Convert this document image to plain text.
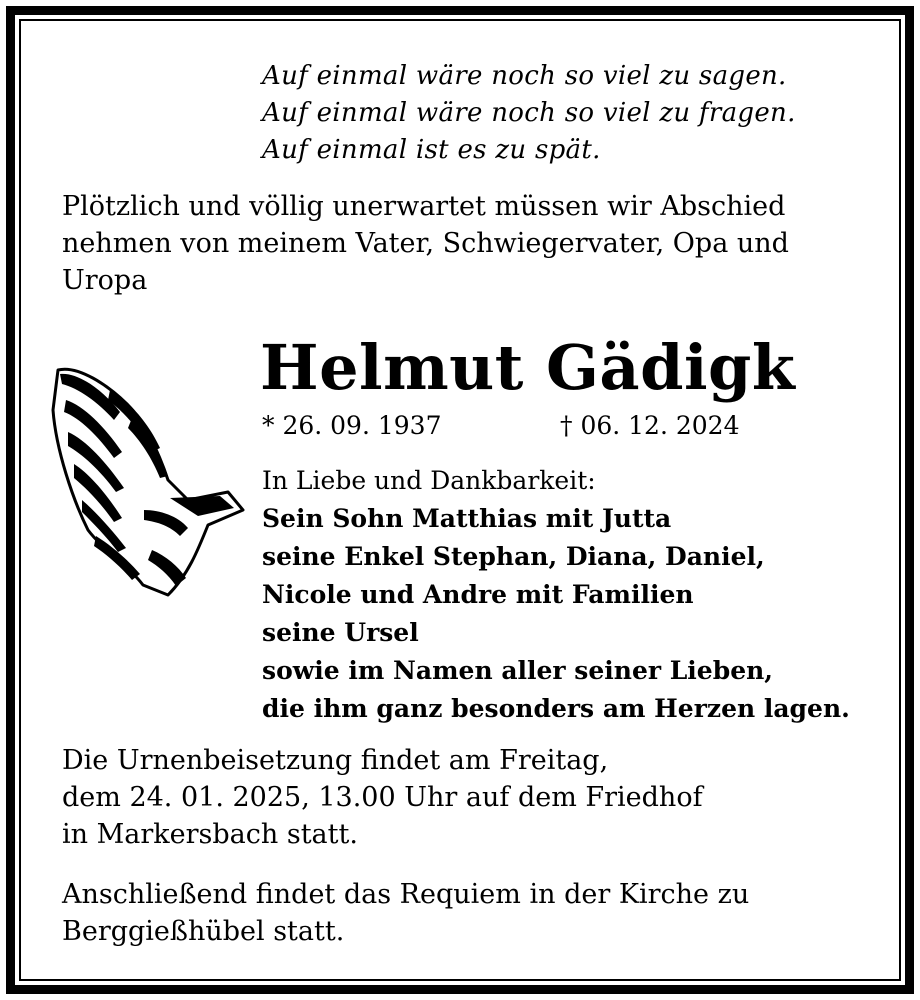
Auf einmal wäre noch so viel zu sagen.
Auf einmal wäre noch so viel zu fragen.
Auf einmal ist es zu spät.
Plötzlich und völlig unerwartet müssen wir Abschied
nehmen von meinem Vater, Schwiegervater, Opa und
Uropa
Helmut Gädigk
* 26. 09. 1937	† 06. 12. 2024
In Liebe und Dankbarkeit:
Sein Sohn Matthias mit Jutta
seine Enkel Stephan, Diana, Daniel,
Nicole und Andre mit Familien
seine Ursel
sowie im Namen aller seiner Lieben,
die ihm ganz besonders am Herzen lagen.
Die Urnenbeisetzung findet am Freitag,
dem 24. 01. 2025, 13.00 Uhr auf dem Friedhof
in Markersbach statt.
Anschließend findet das Requiem in der Kirche zu
Berggießhübel statt.
